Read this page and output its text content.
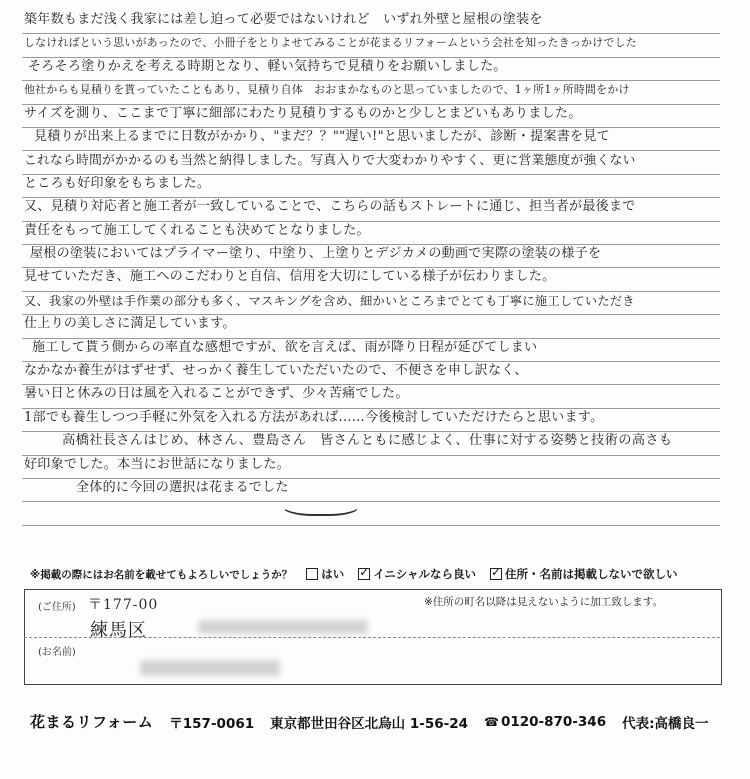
築年数もまだ浅く我家には差し迫って必要ではないけれど　いずれ外壁と屋根の塗装を
しなければという思いがあったので、小冊子をとりよせてみることが花まるリフォームという会社を知ったきっかけでした
そろそろ塗りかえを考える時期となり、軽い気持ちで見積りをお願いしました。
他社からも見積りを貰っていたこともあり、見積り自体　おおまかなものと思っていましたので、1ヶ所1ヶ所時間をかけ
サイズを測り、ここまで丁寧に細部にわたり見積りするものかと少しとまどいもありました。
見積りが出来上るまでに日数がかかり、"まだ？？""遅い!"と思いましたが、診断・提案書を見て
これなら時間がかかるのも当然と納得しました。写真入りで大変わかりやすく、更に営業態度が強くない
ところも好印象をもちました。
又、見積り対応者と施工者が一致していることで、こちらの話もストレートに通じ、担当者が最後まで
責任をもって施工してくれることも決めてとなりました。
屋根の塗装においてはプライマー塗り、中塗り、上塗りとデジカメの動画で実際の塗装の様子を
見せていただき、施工へのこだわりと自信、信用を大切にしている様子が伝わりました。
又、我家の外壁は手作業の部分も多く、マスキングを含め、細かいところまでとても丁寧に施工していただき
仕上りの美しさに満足しています。
施工して貰う側からの率直な感想ですが、欲を言えば、雨が降り日程が延びてしまい
なかなか養生がはずせず、せっかく養生していただいたので、不便さを申し訳なく、
暑い日と休みの日は風を入れることができず、少々苦痛でした。
1部でも養生しつつ手軽に外気を入れる方法があれば……今後検討していただけたらと思います。
高橋社長さんはじめ、林さん、豊島さん　皆さんともに感じよく、仕事に対する姿勢と技術の高さも
好印象でした。本当にお世話になりました。
全体的に今回の選択は花まるでした
※掲載の際にはお名前を載せてもよろしいでしょうか？	はい ✓ イニシャルなら良い ✓ 住所・名前は掲載しないで欲しい
(ご住所) 〒177-00	※住所の町名以降は見えないように加工致します。
練馬区
(お名前)
花まるリフォーム 〒157-0061 東京都世田谷区北烏山 1-56-24 ☎ 0120-870-346 代表:高橋良一
